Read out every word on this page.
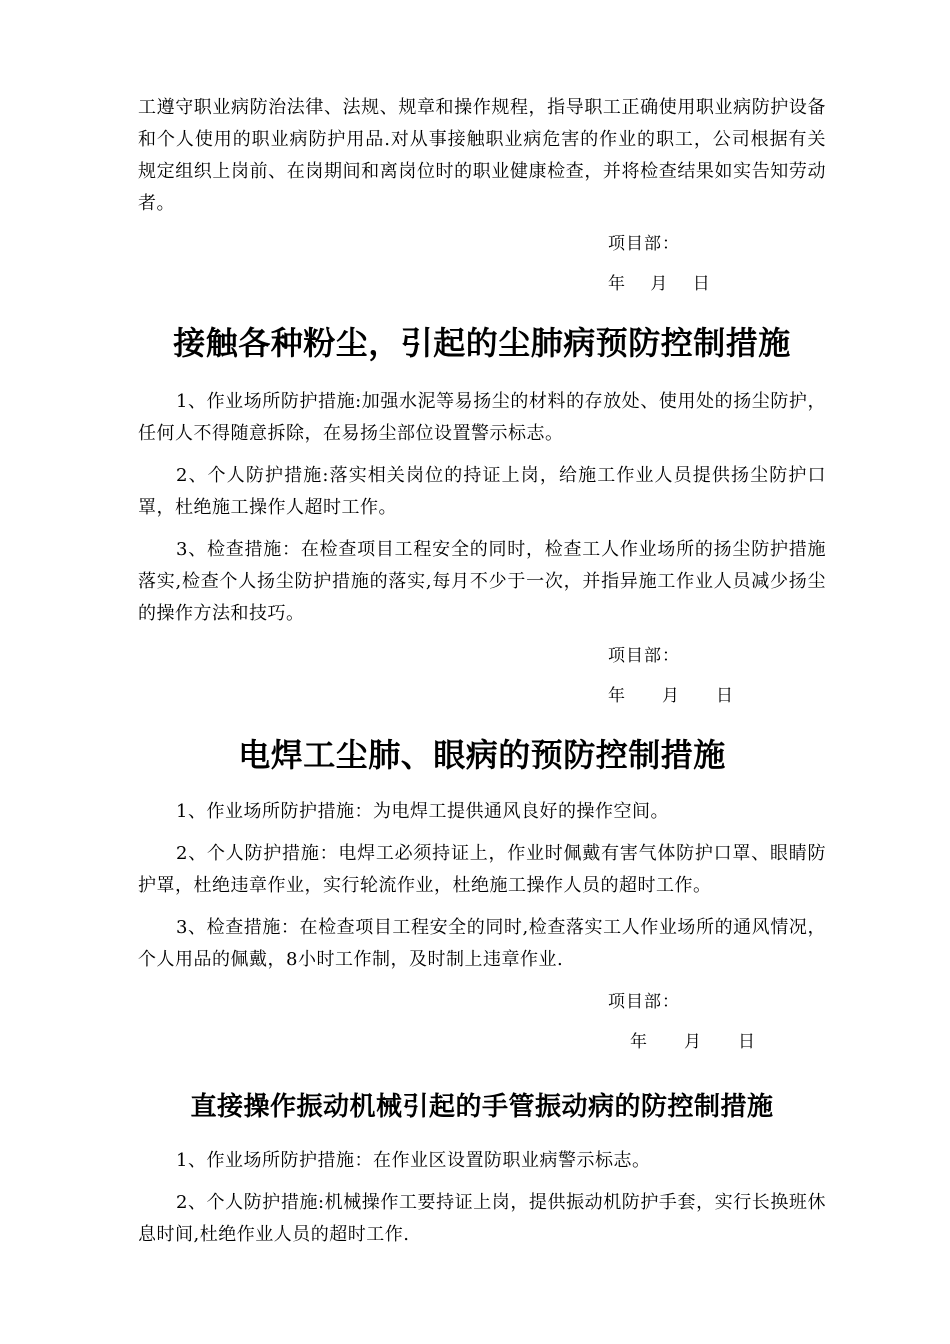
工遵守职业病防治法律、法规、规章和操作规程，指导职工正确使用职业病防护设备和个人使用的职业病防护用品.对从事接触职业病危害的作业的职工，公司根据有关规定组织上岗前、在岗期间和离岗位时的职业健康检查，并将检查结果如实告知劳动者。

项目部：

年　 月　 日

接触各种粉尘，引起的尘肺病预防控制措施

1、作业场所防护措施:加强水泥等易扬尘的材料的存放处、使用处的扬尘防护，任何人不得随意拆除，在易扬尘部位设置警示标志。

2、个人防护措施:落实相关岗位的持证上岗，给施工作业人员提供扬尘防护口罩，杜绝施工操作人超时工作。

3、检查措施：在检查项目工程安全的同时，检查工人作业场所的扬尘防护措施落实,检查个人扬尘防护措施的落实,每月不少于一次，并指异施工作业人员减少扬尘的操作方法和技巧。

项目部：

年　　月　　日

电焊工尘肺、眼病的预防控制措施

1、作业场所防护措施：为电焊工提供通风良好的操作空间。

2、个人防护措施：电焊工必须持证上，作业时佩戴有害气体防护口罩、眼睛防护罩，杜绝违章作业，实行轮流作业，杜绝施工操作人员的超时工作。

3、检查措施：在检查项目工程安全的同时,检查落实工人作业场所的通风情况，个人用品的佩戴，8小时工作制，及时制上违章作业.

项目部：

年　　月　　日

直接操作振动机械引起的手管振动病的防控制措施

1、作业场所防护措施：在作业区设置防职业病警示标志。

2、个人防护措施:机械操作工要持证上岗，提供振动机防护手套，实行长换班休息时间,杜绝作业人员的超时工作.
